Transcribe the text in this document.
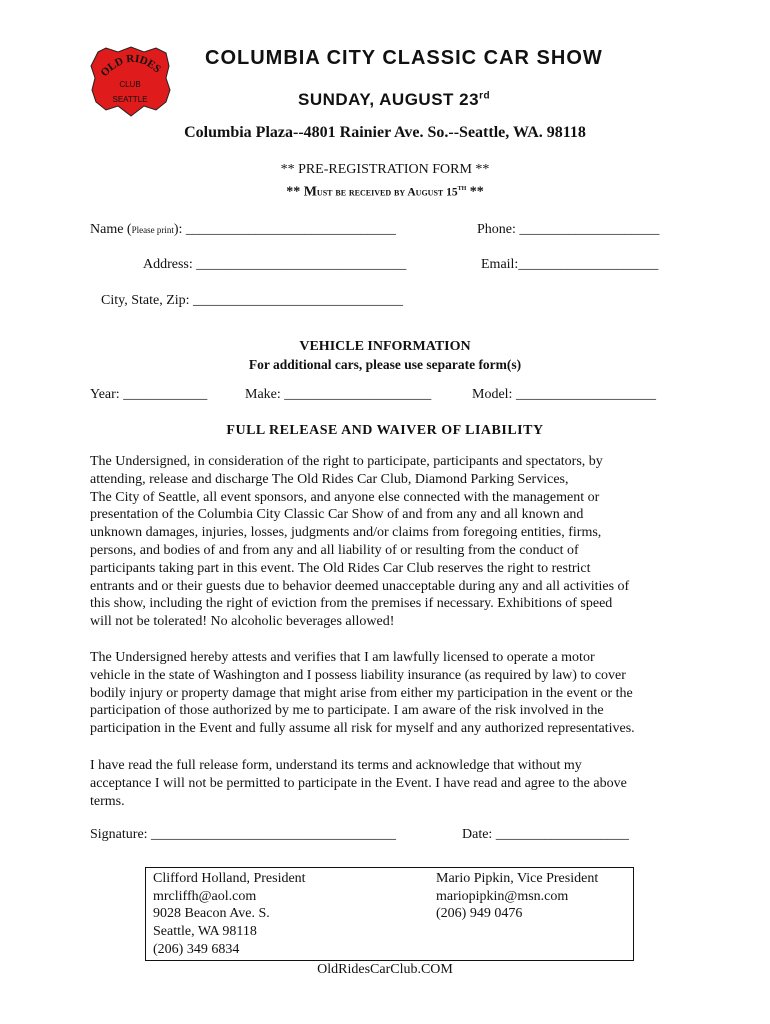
OLD RIDES
CLUB
SEATTLE
COLUMBIA CITY CLASSIC CAR SHOW
SUNDAY, AUGUST 23rd
Columbia Plaza--4801 Rainier Ave. So.--Seattle, WA. 98118
** PRE-REGISTRATION FORM **
** Must be received by August 15th **
Name (Please print): ______________________________	Phone: ____________________
Address: ______________________________	Email:____________________
City, State, Zip: ______________________________
VEHICLE INFORMATION
For additional cars, please use separate form(s)
Year: ____________	Make: _____________________	Model: ____________________
FULL RELEASE AND WAIVER OF LIABILITY

The Undersigned, in consideration of the right to participate, participants and spectators, by

attending, release and discharge The Old Rides Car Club, Diamond Parking Services,

The City of Seattle, all event sponsors, and anyone else connected with the management or

presentation of the Columbia City Classic Car Show of and from any and all known and

unknown damages, injuries, losses, judgments and/or claims from foregoing entities, firms,

persons, and bodies of and from any and all liability of or resulting from the conduct of

participants taking part in this event. The Old Rides Car Club reserves the right to restrict

entrants and or their guests due to behavior deemed unacceptable during any and all activities of

this show, including the right of eviction from the premises if necessary. Exhibitions of speed

will not be tolerated! No alcoholic beverages allowed!

The Undersigned hereby attests and verifies that I am lawfully licensed to operate a motor

vehicle in the state of Washington and I possess liability insurance (as required by law) to cover

bodily injury or property damage that might arise from either my participation in the event or the

participation of those authorized by me to participate. I am aware of the risk involved in the

participation in the Event and fully assume all risk for myself and any authorized representatives.

I have read the full release form, understand its terms and acknowledge that without my

acceptance I will not be permitted to participate in the Event. I have read and agree to the above

terms.

Signature: ___________________________________	Date: ___________________
Clifford Holland, President
mrcliffh@aol.com
9028 Beacon Ave. S.
Seattle, WA 98118
(206) 349 6834
Mario Pipkin, Vice President
mariopipkin@msn.com
(206) 949 0476
OldRidesCarClub.COM
